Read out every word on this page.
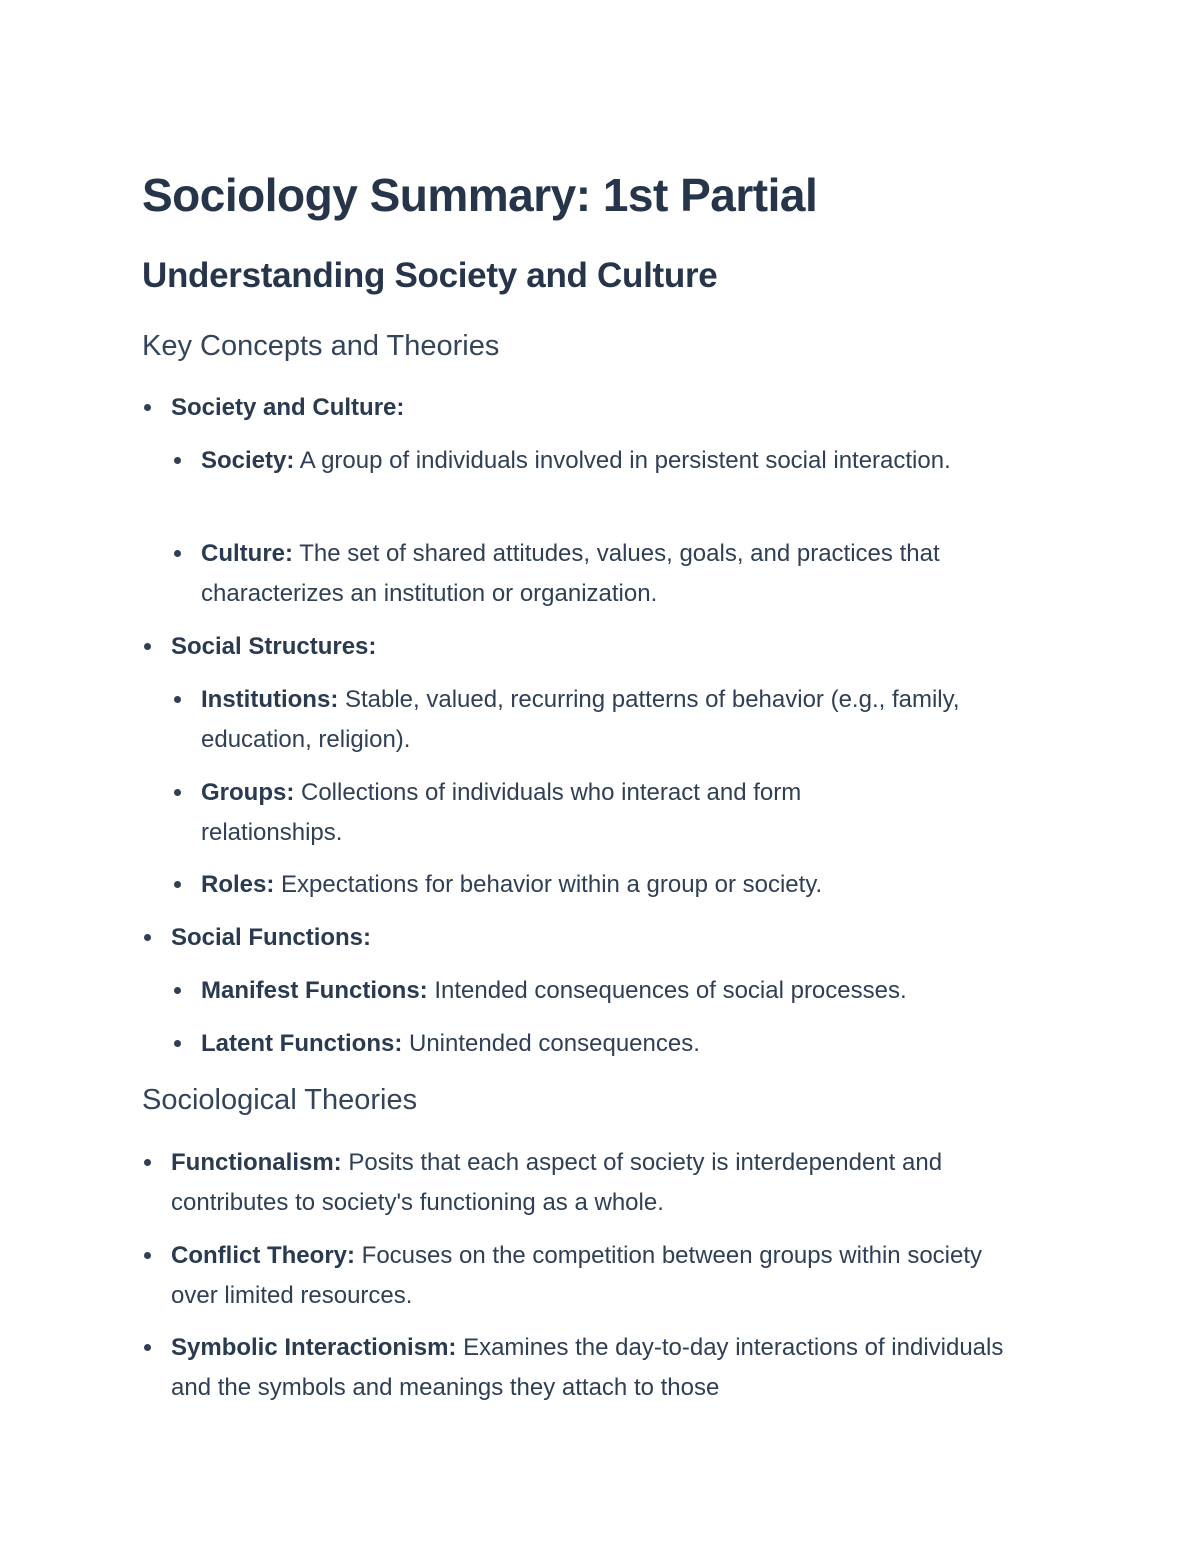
Sociology Summary: 1st Partial
Understanding Society and Culture
Key Concepts and Theories
Society and Culture:
Society: A group of individuals involved in persistent social interaction.
Culture: The set of shared attitudes, values, goals, and practices that characterizes an institution or organization.
Social Structures:
Institutions: Stable, valued, recurring patterns of behavior (e.g., family, education, religion).
Groups: Collections of individuals who interact and form relationships.
Roles: Expectations for behavior within a group or society.
Social Functions:
Manifest Functions: Intended consequences of social processes.
Latent Functions: Unintended consequences.
Sociological Theories
Functionalism: Posits that each aspect of society is interdependent and contributes to society's functioning as a whole.
Conflict Theory: Focuses on the competition between groups within society over limited resources.
Symbolic Interactionism: Examines the day-to-day interactions of individuals and the symbols and meanings they attach to those
